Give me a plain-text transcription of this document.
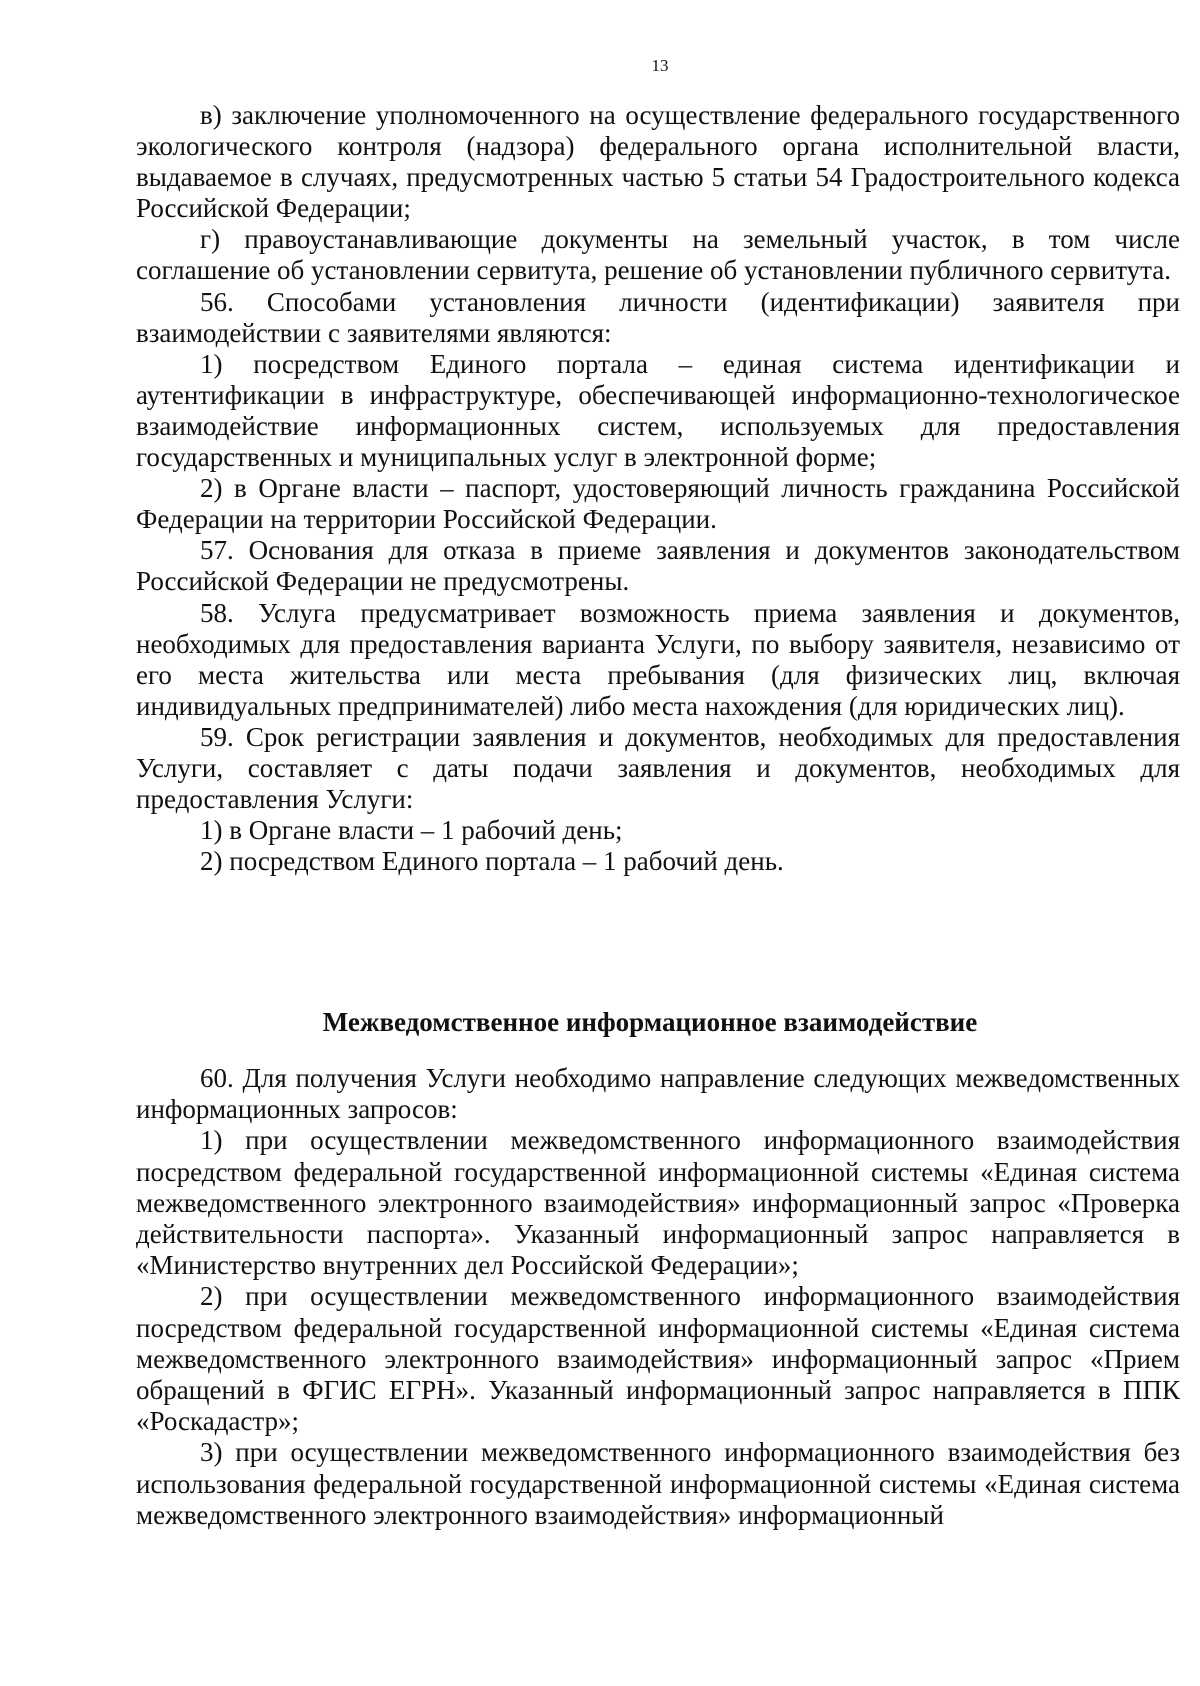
13

в) заключение уполномоченного на осуществление федерального государственного экологического контроля (надзора) федерального органа исполнительной власти, выдаваемое в случаях, предусмотренных частью 5 статьи 54 Градостроительного кодекса Российской Федерации;

г) правоустанавливающие документы на земельный участок, в том числе соглашение об установлении сервитута, решение об установлении публичного сервитута.

56. Способами установления личности (идентификации) заявителя при взаимодействии с заявителями являются:

1) посредством Единого портала – единая система идентификации и аутентификации в инфраструктуре, обеспечивающей информационно-технологическое взаимодействие информационных систем, используемых для предоставления государственных и муниципальных услуг в электронной форме;

2) в Органе власти – паспорт, удостоверяющий личность гражданина Российской Федерации на территории Российской Федерации.

57. Основания для отказа в приеме заявления и документов законодательством Российской Федерации не предусмотрены.

58. Услуга предусматривает возможность приема заявления и документов, необходимых для предоставления варианта Услуги, по выбору заявителя, независимо от его места жительства или места пребывания (для физических лиц, включая индивидуальных предпринимателей) либо места нахождения (для юридических лиц).

59. Срок регистрации заявления и документов, необходимых для предоставления Услуги, составляет с даты подачи заявления и документов, необходимых для предоставления Услуги:

1) в Органе власти – 1 рабочий день;

2) посредством Единого портала – 1 рабочий день.

Межведомственное информационное взаимодействие

60. Для получения Услуги необходимо направление следующих межведомственных информационных запросов:

1) при осуществлении межведомственного информационного взаимодействия посредством федеральной государственной информационной системы «Единая система межведомственного электронного взаимодействия» информационный запрос «Проверка действительности паспорта». Указанный информационный запрос направляется в «Министерство внутренних дел Российской Федерации»;

2) при осуществлении межведомственного информационного взаимодействия посредством федеральной государственной информационной системы «Единая система межведомственного электронного взаимодействия» информационный запрос «Прием обращений в ФГИС ЕГРН». Указанный информационный запрос направляется в ППК «Роскадастр»;

3) при осуществлении межведомственного информационного взаимодействия без использования федеральной государственной информационной системы «Единая система межведомственного электронного взаимодействия» информационный
